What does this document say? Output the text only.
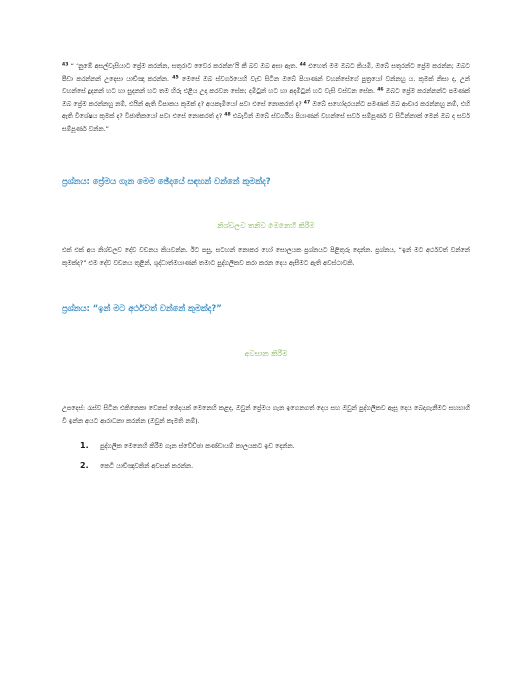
$^{43}$ “ ‘නුඹේ අසල්වැසියාට ප්‍රේම කරන්න, සතුරාට වෛර කරන්න’යි කී බව ඔබ අසා ඇත. $^{44}$ එහෙත් මම ඔබට කියමි, ඔබේ සතුරන්ට ප්‍රේම කරන්න; ඔබට පීඩා කරන්නන් උදෙසා යාච්ඤා කරන්න. $^{45}$ මෙසේ ඔබ ස්වර්ගයෙහි වැඩ සිටින ඔබේ පියාණන් වහන්සේගේ පුත්‍රයෝ වන්නහු ය. කුමක් නිසා ද, උන් වහන්සේ දුදනන් හට හා සුදනන් හට තම හිරු එළිය උදා කරවන සේක; දමිටුන් හට හා අදමිටුන් හට වැසි වස්වන සේක. $^{46}$ ඔබට ප්‍රේම කරන්නන්ට පමණක් ඔබ ප්‍රේම කරන්නහු නම්, එයින් ඇති විපාකය කුමක් ද? අයකැමියෝ පවා එසේ නොකරත් ද? $^{47}$ ඔබේ සහෝදරයන්ට පමණක් ඔබ ආචාර කරන්නහු නම්, එහි ඇති විශේෂය කුමක් ද? විජාතිකයෝ පවා එසේ නොකරත් ද? $^{48}$ එබැවින් ඔබේ ස්වර්ගීය පියාණන් වහන්සේ සර්ව සම්පූර්ණ ව සිටින්නාක් මෙන් ඔබ ද සර්ව සම්පූර්ණ වන්න.”

ප්‍රශ්නය: ප්‍රේමය ගැන මෙම ඡේදයේ සඳහන් වන්නේ කුමක්ද?

නිශ්චලව තනිව මෙනෙහි කිරීම

එක් එක් අය නිශ්චලව දේව වචනය කියවන්න. ඊට පසු, සටහන් නොකර හෝ සොලයක ප්‍රශ්නයට පිළිතුරු දෙන්න. ප්‍රශ්නය, “ඉන් මට අර්ථවත් වන්නේ කුමක්ද?” එම දේව වචනය තුළින්, ශුද්ධාත්මයාණන් තමාට පුද්ගලිකව කරා කරන දෙය ඇසීමට ඇති අවස්ථාවකි.

ප්‍රශ්නය: “ඉන් මට අර්ථවත් වන්නේ කුමක්ද?”

අවසාන කිරීම

උපදෙස්: රැස්ව සිටින එකිනෙකා වෙනස් ඡේදයක් මෙනෙහි කළද, ඔවුන් ප්‍රේමය ගැන ඉගෙනගත් දෙය සහ ඔවුන් පුද්ගලිකව ඇසූ දෙය බෙදාගැනීමට සහභාගී වී ඉන්න අයට ආරාධනා කරන්න (ඔවුන් කැමති නම්).

1.	පුද්ගලික මෙනෙහි කිරීම ගැන ස්වේච්ඡා කණ්ඩායම් කාලයකට ඉඩ දෙන්න.
2.	කෙටි යාච්ඤාවකින් අවසන් කරන්න.
